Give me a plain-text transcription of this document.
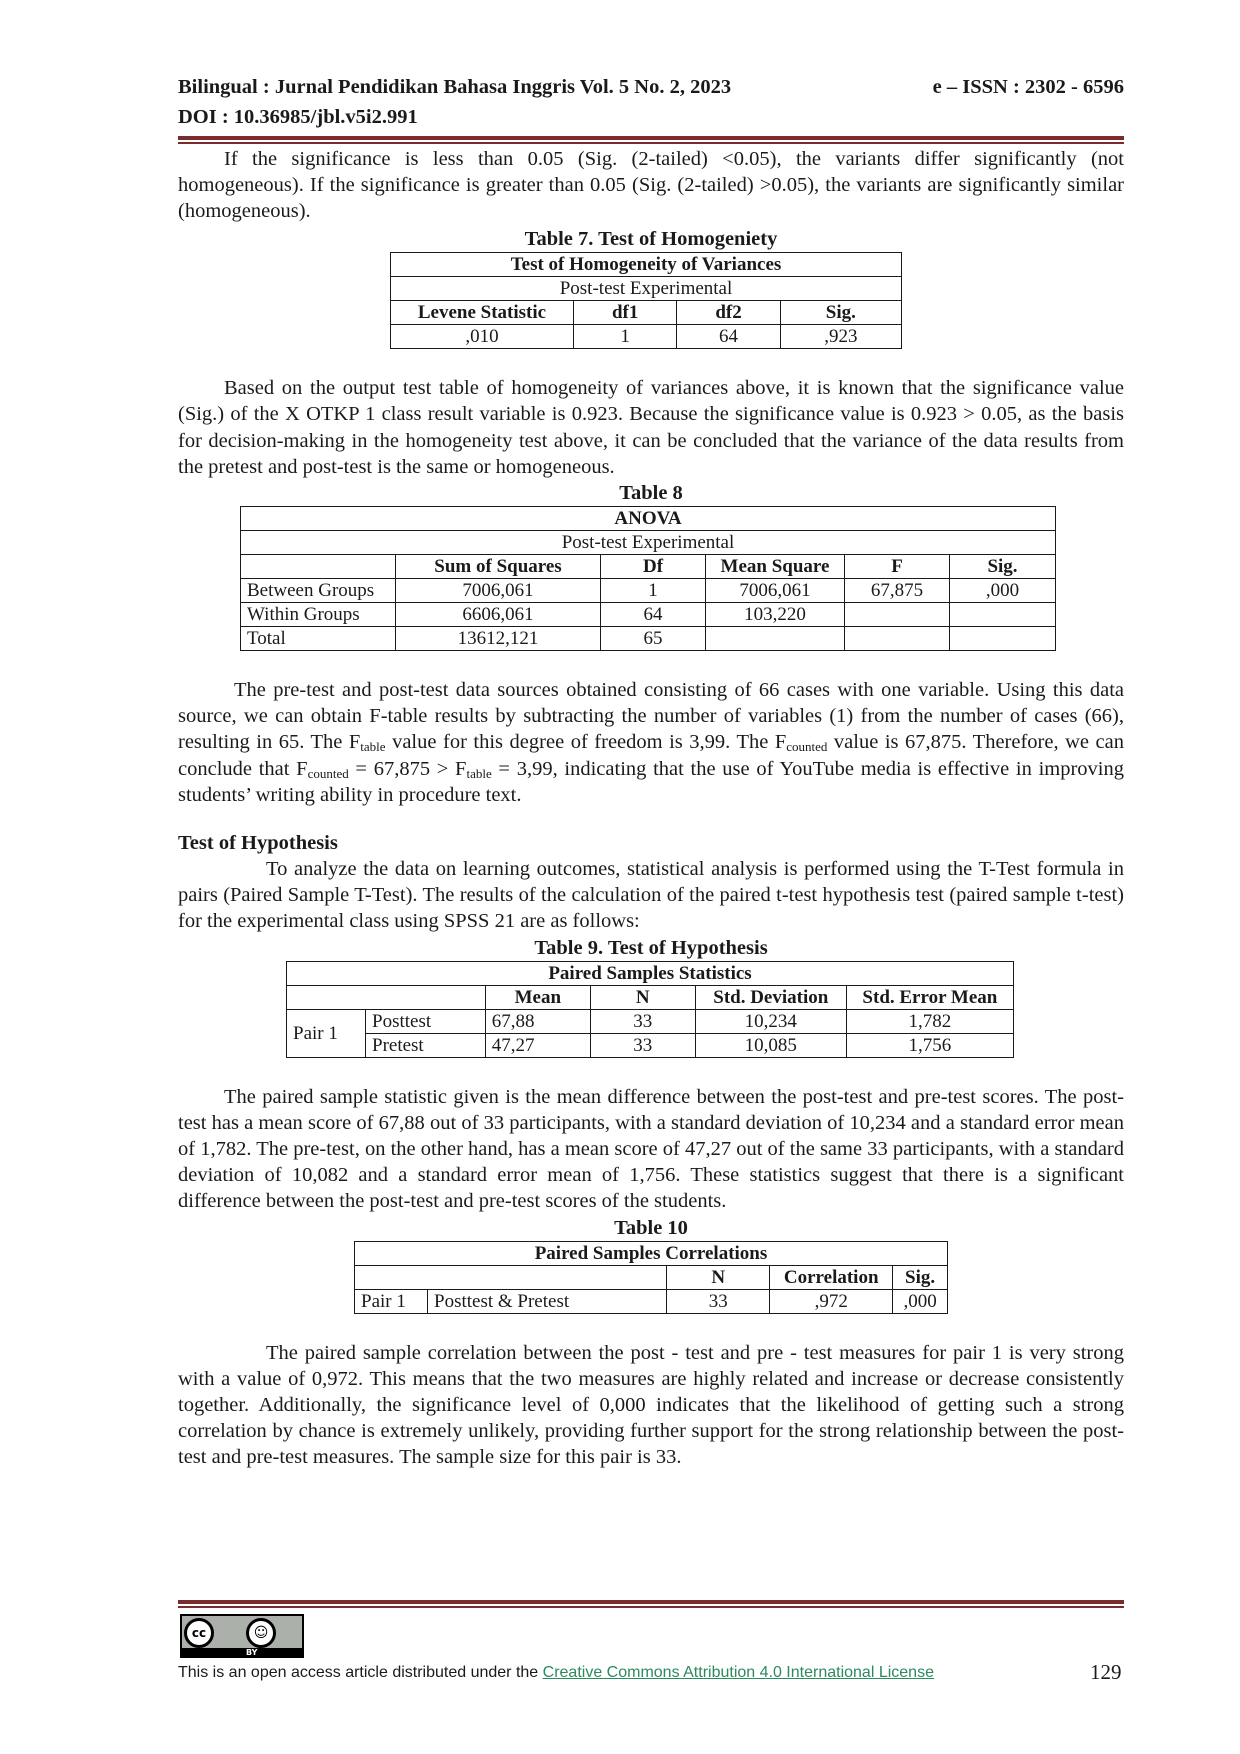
Bilingual : Jurnal Pendidikan Bahasa Inggris Vol. 5 No. 2, 2023	e – ISSN : 2302 - 6596
DOI : 10.36985/jbl.v5i2.991

If the significance is less than 0.05 (Sig. (2-tailed) <0.05), the variants differ significantly (not homogeneous). If the significance is greater than 0.05 (Sig. (2-tailed) >0.05), the variants are significantly similar (homogeneous).

Table 7. Test of Homogeniety
Test of Homogeneity of Variances			
Post-test Experimental			
Levene Statistic	df1	df2	Sig.
,010	1	64	,923

Based on the output test table of homogeneity of variances above, it is known that the significance value (Sig.) of the X OTKP 1 class result variable is 0.923. Because the significance value is 0.923 > 0.05, as the basis for decision-making in the homogeneity test above, it can be concluded that the variance of the data results from the pretest and post-test is the same or homogeneous.

Table 8
ANOVA					
Post-test Experimental					
	Sum of Squares	Df	Mean Square	F	Sig.
Between Groups	7006,061	1	7006,061	67,875	,000
Within Groups	6606,061	64	103,220		
Total	13612,121	65			

The pre-test and post-test data sources obtained consisting of 66 cases with one variable. Using this data source, we can obtain F-table results by subtracting the number of variables (1) from the number of cases (66), resulting in 65. The $F_{table}$ value for this degree of freedom is 3,99. The $F_{counted}$ value is 67,875. Therefore, we can conclude that $F_{counted} = 67,875 > F_{table} = 3,99$, indicating that the use of YouTube media is effective in improving students’ writing ability in procedure text.

Test of Hypothesis

To analyze the data on learning outcomes, statistical analysis is performed using the T-Test formula in pairs (Paired Sample T-Test). The results of the calculation of the paired t-test hypothesis test (paired sample t-test) for the experimental class using SPSS 21 are as follows:

Table 9. Test of Hypothesis
Paired Samples Statistics					
		Mean	N	Std. Deviation	Std. Error Mean
Pair 1	Posttest	67,88	33	10,234	1,782
	Pretest	47,27	33	10,085	1,756

The paired sample statistic given is the mean difference between the post-test and pre-test scores. The post-test has a mean score of 67,88 out of 33 participants, with a standard deviation of 10,234 and a standard error mean of 1,782. The pre-test, on the other hand, has a mean score of 47,27 out of the same 33 participants, with a standard deviation of 10,082 and a standard error mean of 1,756. These statistics suggest that there is a significant difference between the post-test and pre-test scores of the students.

Table 10
Paired Samples Correlations				
		N	Correlation	Sig.
Pair 1	Posttest & Pretest	33	,972	,000

The paired sample correlation between the post - test and pre - test measures for pair 1 is very strong with a value of 0,972. This means that the two measures are highly related and increase or decrease consistently together. Additionally, the significance level of 0,000 indicates that the likelihood of getting such a strong correlation by chance is extremely unlikely, providing further support for the strong relationship between the post-test and pre-test measures. The sample size for this pair is 33.

cc	☺
BY
This is an open access article distributed under the Creative Commons Attribution 4.0 International License	129
